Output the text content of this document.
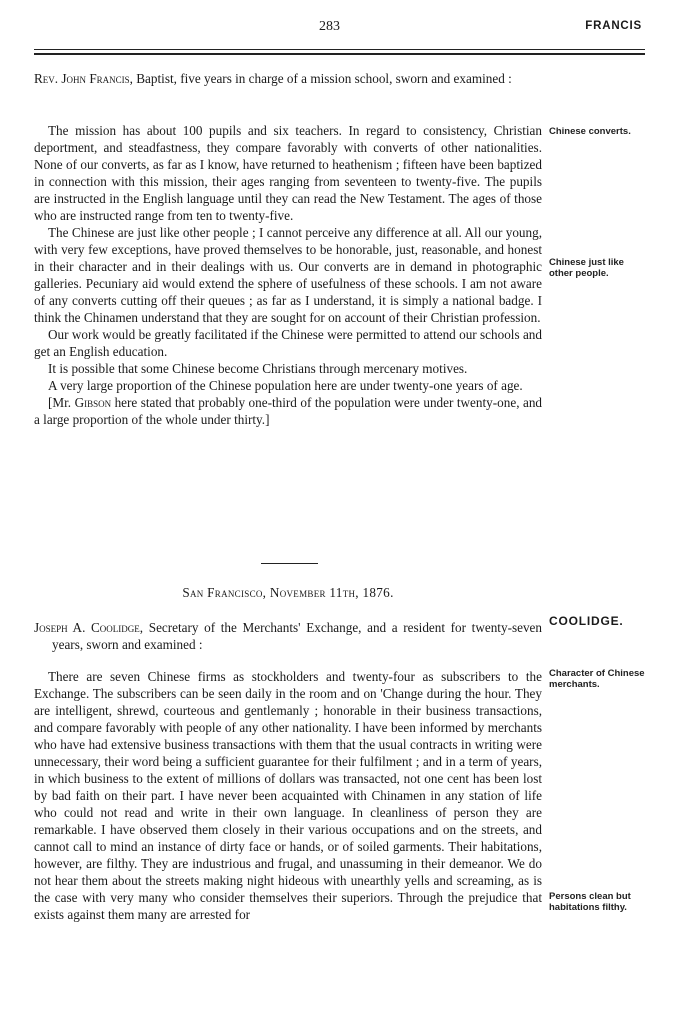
283	FRANCIS

Rev. John Francis, Baptist, five years in charge of a mission school, sworn and examined :

The mission has about 100 pupils and six teachers. In regard to consistency, Christian deportment, and steadfastness, they compare favorably with converts of other nationalities. None of our converts, as far as I know, have returned to heathenism ; fifteen have been baptized in connection with this mission, their ages ranging from seventeen to twenty-five. The pupils are instructed in the English language until they can read the New Testament. The ages of those who are instructed range from ten to twenty-five.

The Chinese are just like other people ; I cannot perceive any difference at all. All our young, with very few exceptions, have proved themselves to be honorable, just, reasonable, and honest in their character and in their dealings with us. Our converts are in demand in photographic galleries. Pecuniary aid would extend the sphere of usefulness of these schools. I am not aware of any converts cutting off their queues ; as far as I understand, it is simply a national badge. I think the Chinamen understand that they are sought for on account of their Christian profession.

Our work would be greatly facilitated if the Chinese were permitted to attend our schools and get an English education.

It is possible that some Chinese become Christians through mercenary motives.

A very large proportion of the Chinese population here are under twenty-one years of age.

[Mr. Gibson here stated that probably one-third of the population were under twenty-one, and a large proportion of the whole under thirty.]

San Francisco, November 11th, 1876.

Joseph A. Coolidge, Secretary of the Merchants' Exchange, and a resident for twenty-seven years, sworn and examined :

There are seven Chinese firms as stockholders and twenty-four as subscribers to the Exchange. The subscribers can be seen daily in the room and on 'Change during the hour. They are intelligent, shrewd, courteous and gentlemanly ; honorable in their business transactions, and compare favorably with people of any other nationality. I have been informed by merchants who have had extensive business transactions with them that the usual contracts in writing were unnecessary, their word being a sufficient guarantee for their fulfilment ; and in a term of years, in which business to the extent of millions of dollars was transacted, not one cent has been lost by bad faith on their part. I have never been acquainted with Chinamen in any station of life who could not read and write in their own language. In cleanliness of person they are remarkable. I have observed them closely in their various occupations and on the streets, and cannot call to mind an instance of dirty face or hands, or of soiled garments. Their habitations, however, are filthy. They are industrious and frugal, and unassuming in their demeanor. We do not hear them about the streets making night hideous with unearthly yells and screaming, as is the case with very many who consider themselves their superiors. Through the prejudice that exists against them many are arrested for

Chinese converts.
Chinese just like other people.
COOLIDGE.
Character of Chinese merchants.
Persons clean but habitations filthy.
